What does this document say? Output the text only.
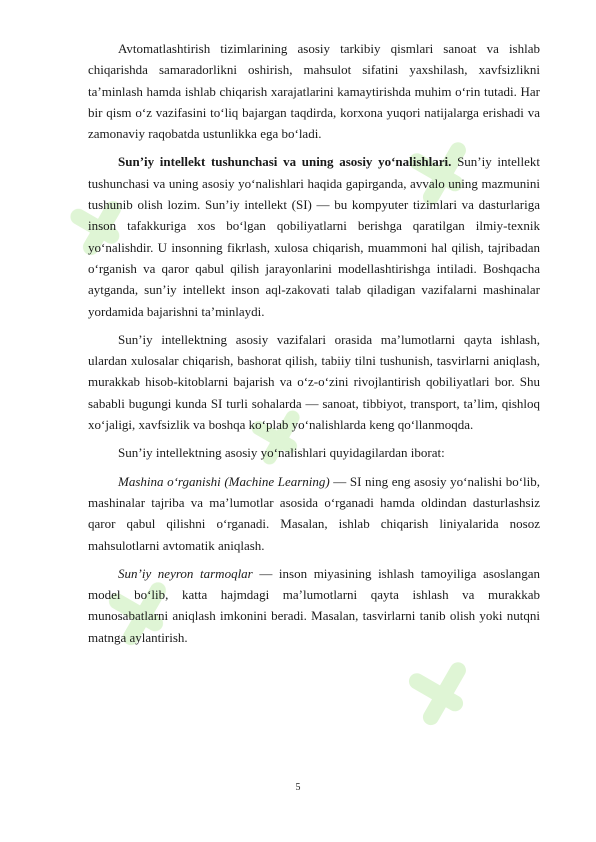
Avtomatlashtirish tizimlarining asosiy tarkibiy qismlari sanoat va ishlab chiqarishda samaradorlikni oshirish, mahsulot sifatini yaxshilash, xavfsizlikni ta’minlash hamda ishlab chiqarish xarajatlarini kamaytirishda muhim o‘rin tutadi. Har bir qism o‘z vazifasini to‘liq bajargan taqdirda, korxona yuqori natijalarga erishadi va zamonaviy raqobatda ustunlikka ega bo‘ladi.

Sun’iy intellekt tushunchasi va uning asosiy yo‘nalishlari. Sun’iy intellekt tushunchasi va uning asosiy yo‘nalishlari haqida gapirganda, avvalo uning mazmunini tushunib olish lozim. Sun’iy intellekt (SI) — bu kompyuter tizimlari va dasturlariga inson tafakkuriga xos bo‘lgan qobiliyatlarni berishga qaratilgan ilmiy-texnik yo‘nalishdir. U insonning fikrlash, xulosa chiqarish, muammoni hal qilish, tajribadan o‘rganish va qaror qabul qilish jarayonlarini modellashtirishga intiladi. Boshqacha aytganda, sun’iy intellekt inson aql-zakovati talab qiladigan vazifalarni mashinalar yordamida bajarishni ta’minlaydi.

Sun’iy intellektning asosiy vazifalari orasida ma’lumotlarni qayta ishlash, ulardan xulosalar chiqarish, bashorat qilish, tabiiy tilni tushunish, tasvirlarni aniqlash, murakkab hisob-kitoblarni bajarish va o‘z-o‘zini rivojlantirish qobiliyatlari bor. Shu sababli bugungi kunda SI turli sohalarda — sanoat, tibbiyot, transport, ta’lim, qishloq xo‘jaligi, xavfsizlik va boshqa ko‘plab yo‘nalishlarda keng qo‘llanmoqda.

Sun’iy intellektning asosiy yo‘nalishlari quyidagilardan iborat:

Mashina o‘rganishi (Machine Learning) — SI ning eng asosiy yo‘nalishi bo‘lib, mashinalar tajriba va ma’lumotlar asosida o‘rganadi hamda oldindan dasturlashsiz qaror qabul qilishni o‘rganadi. Masalan, ishlab chiqarish liniyalarida nosoz mahsulotlarni avtomatik aniqlash.

Sun’iy neyron tarmoqlar — inson miyasining ishlash tamoyiliga asoslangan model bo‘lib, katta hajmdagi ma’lumotlarni qayta ishlash va murakkab munosabatlarni aniqlash imkonini beradi. Masalan, tasvirlarni tanib olish yoki nutqni matnga aylantirish.

5
